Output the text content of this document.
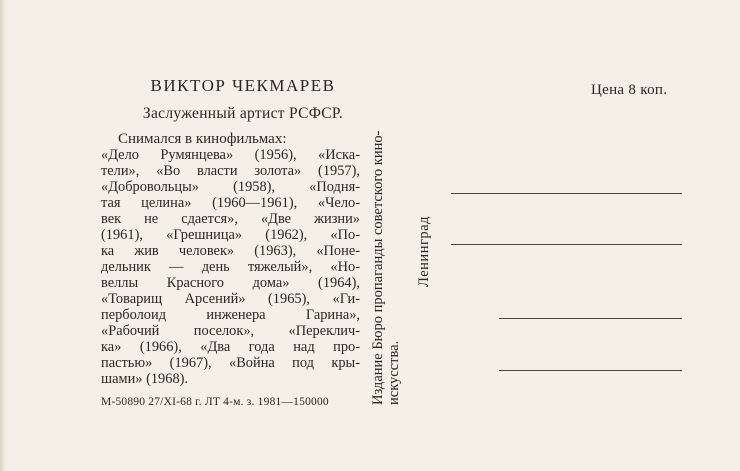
ВИКТОР ЧЕКМАРЕВ
Заслуженный артист РСФСР.
Снимался в кинофильмах:
«Дело Румянцева» (1956), «Иска-
тели», «Во власти золота» (1957),
«Добровольцы» (1958), «Подня-
тая целина» (1960—1961), «Чело-
век не сдается», «Две жизни»
(1961), «Грешница» (1962), «По-
ка жив человек» (1963), «Поне-
дельник — день тяжелый», «Но-
веллы Красного дома» (1964),
«Товарищ Арсений» (1965), «Ги-
перболоид инженера Гарина»,
«Рабочий поселок», «Переклич-
ка» (1966), «Два года над про-
пастью» (1967), «Война под кры-
шами» (1968).
М-50890 27/XI-68 г. ЛТ 4-м. з. 1981—150000	Издание Бюро пропаганды советского кино- искусства.
Ленинград
Цена 8 коп.
